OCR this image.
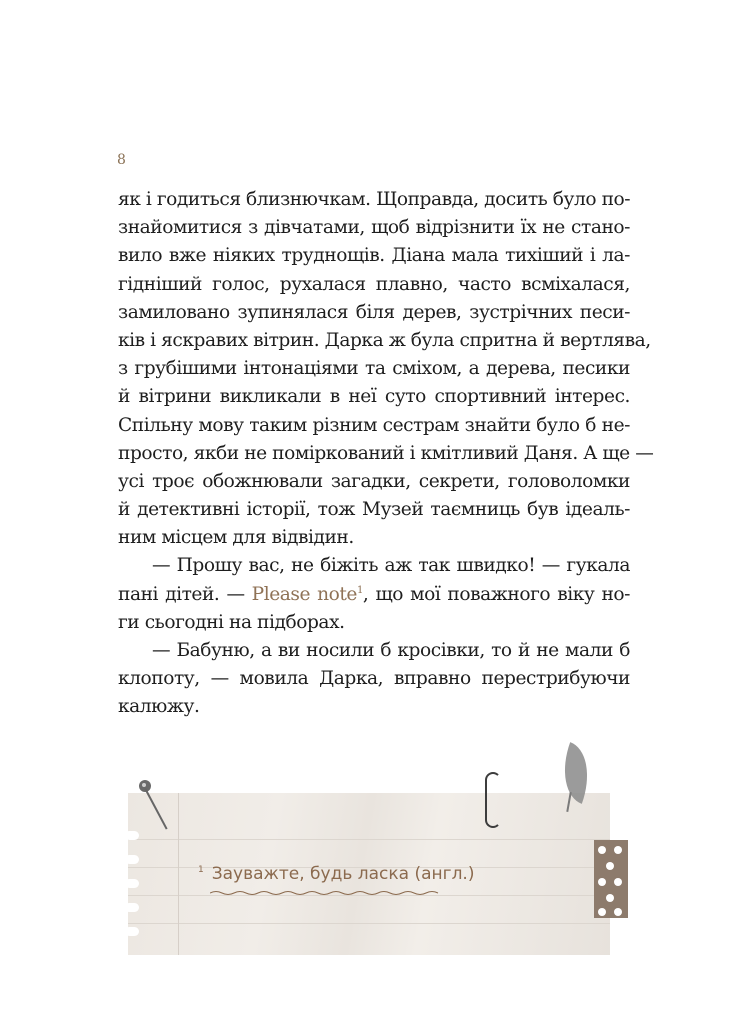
8
як і годиться близнючкам. Щоправда, досить було по-
знайомитися з дівчатами, щоб відрізнити їх не стано-
вило вже ніяких труднощів. Діана мала тихіший і ла-
гідніший голос, рухалася плавно, часто всміхалася,
замиловано зупинялася біля дерев, зустрічних песи-
ків і яскравих вітрин. Дарка ж була спритна й вертлява,
з грубішими інтонаціями та сміхом, а дерева, песики
й вітрини викликали в неї суто спортивний інтерес.
Спільну мову таким різним сестрам знайти було б не-
просто, якби не поміркований і кмітливий Даня. А ще —
усі троє обожнювали загадки, секрети, головоломки
й детективні історії, тож Музей таємниць був ідеаль-
ним місцем для відвідин.
— Прошу вас, не біжіть аж так швидко! — гукала
пані дітей. — Please note$^1$, що мої поважного віку но-
ги сьогодні на підборах.
— Бабуню, а ви носили б кросівки, то й не мали б
клопоту, — мовила Дарка, вправно перестрибуючи
калюжу.
$^1$ Зауважте, будь ласка (англ.)
